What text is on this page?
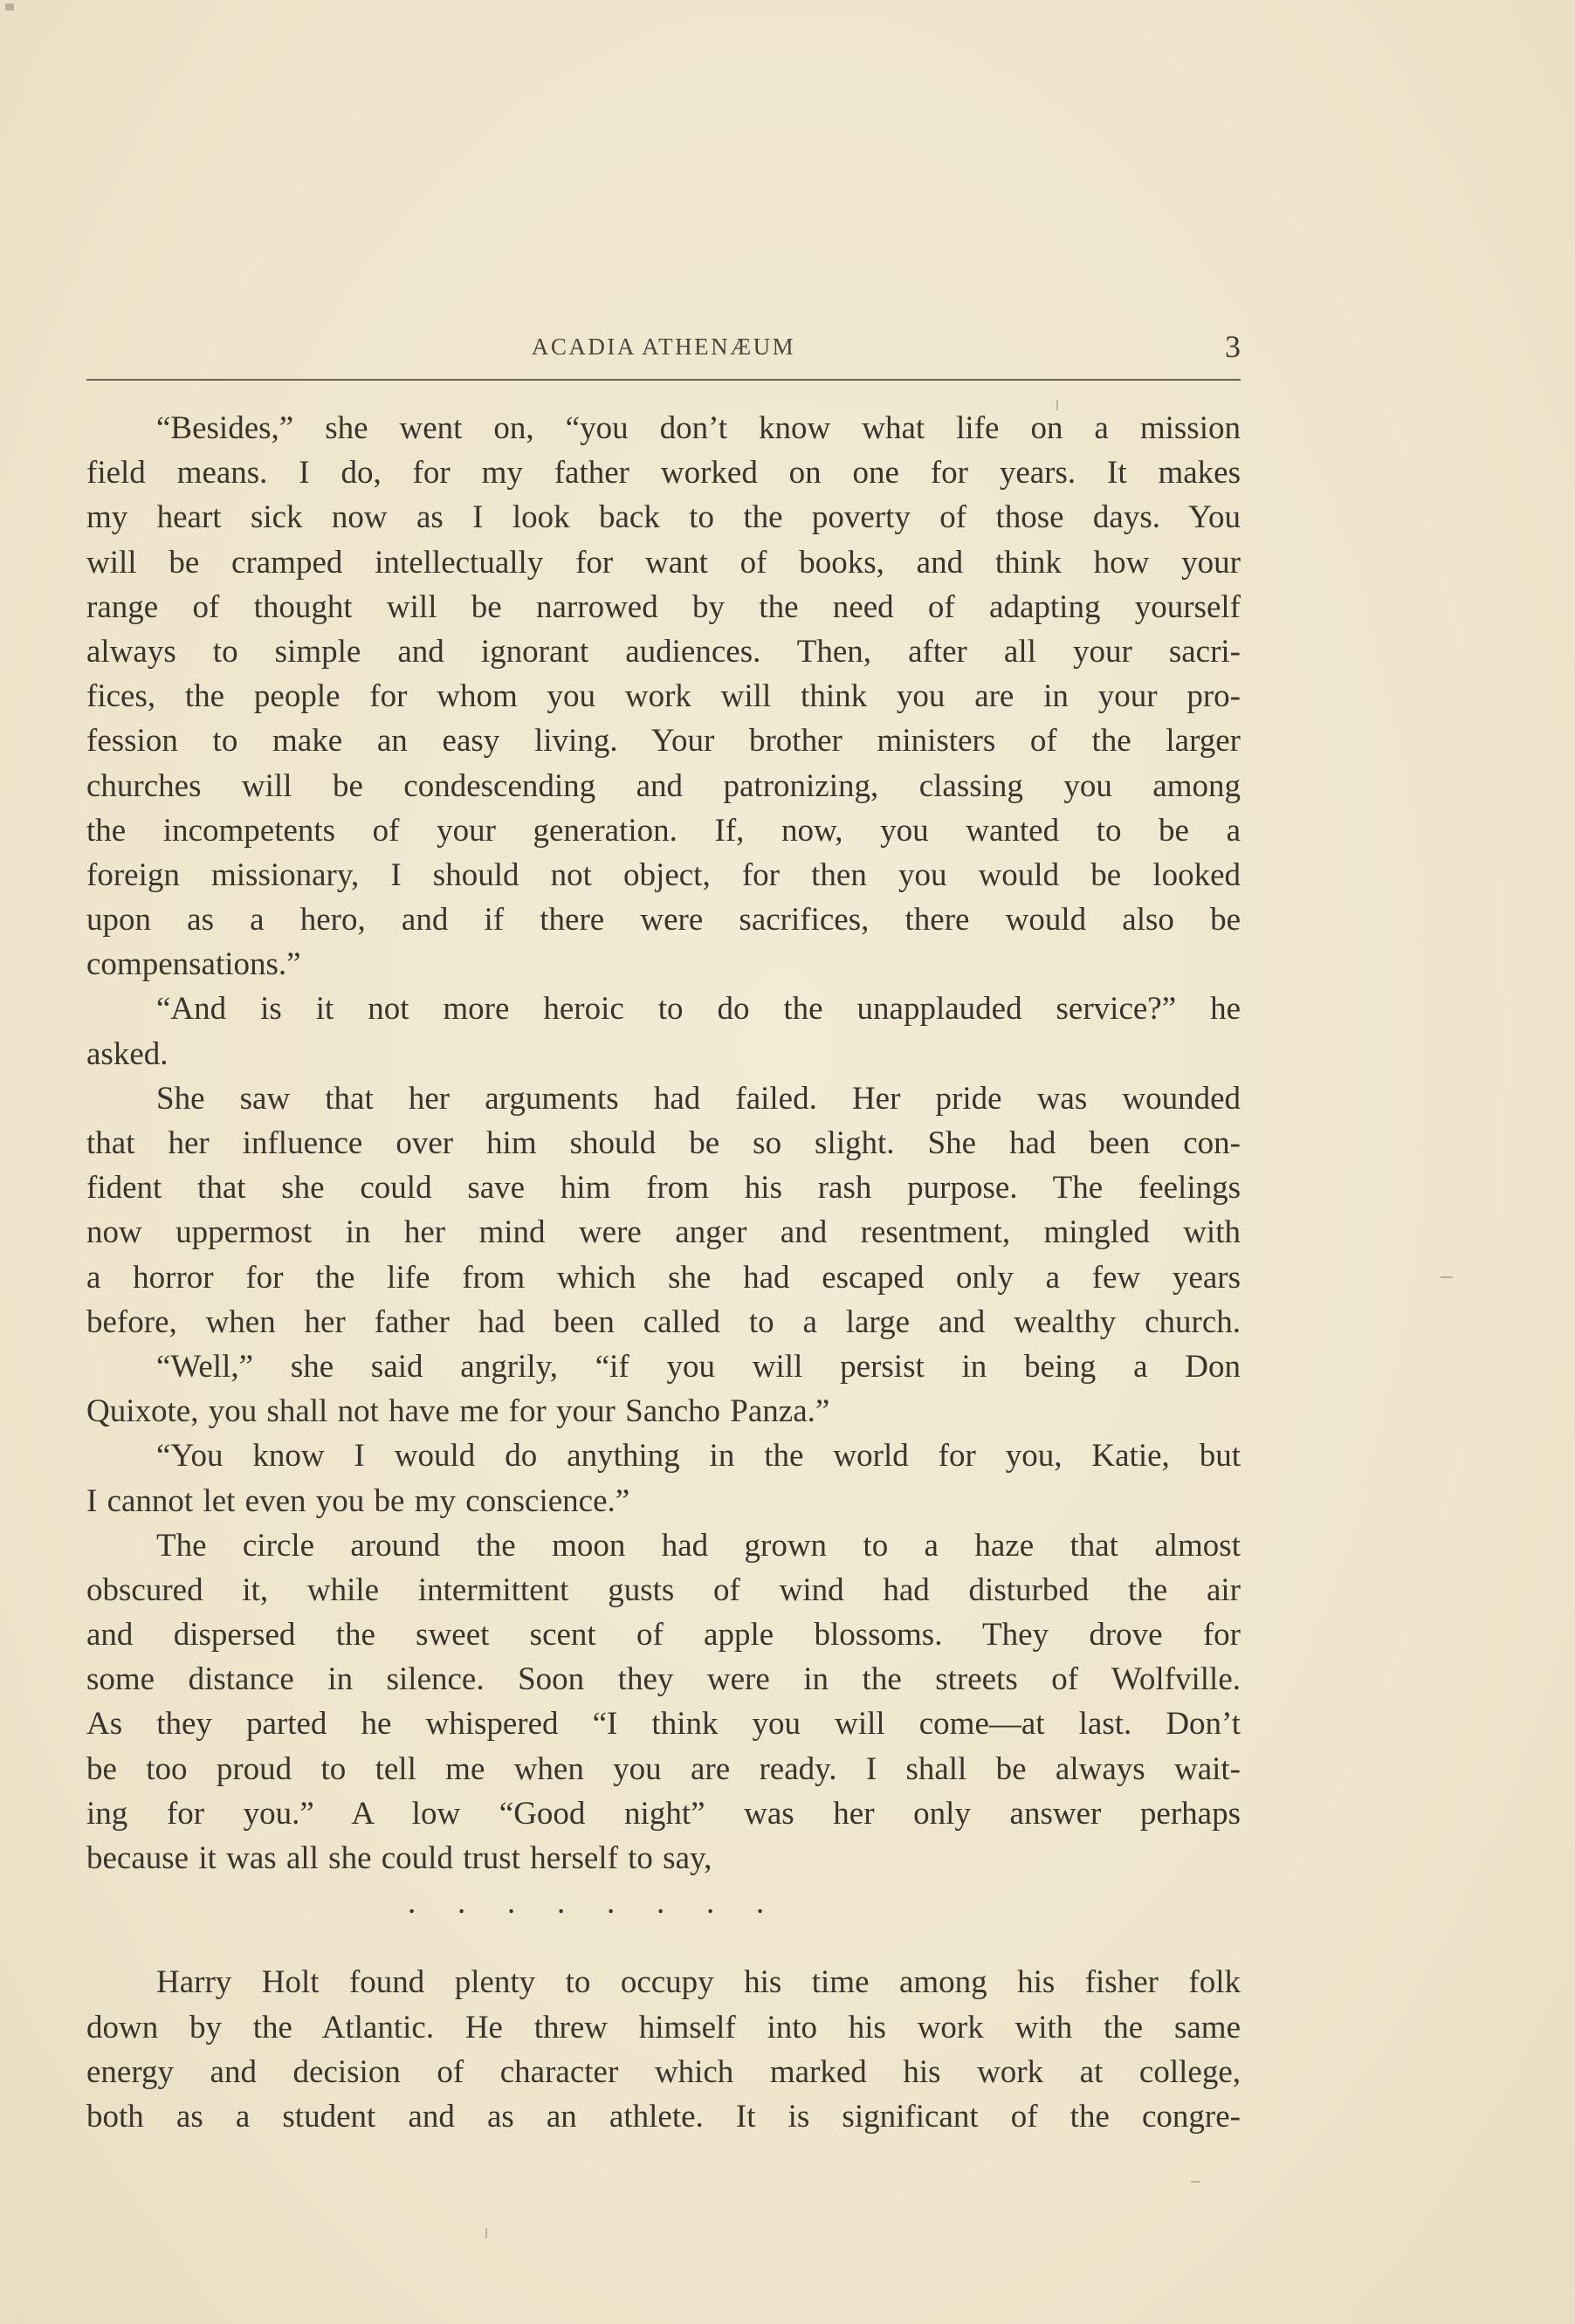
ACADIA ATHENÆUM	3
“Besides,” she went on, “you don’t know what life on a mission
field means. I do, for my father worked on one for years. It makes
my heart sick now as I look back to the poverty of those days. You
will be cramped intellectually for want of books, and think how your
range of thought will be narrowed by the need of adapting yourself
always to simple and ignorant audiences. Then, after all your sacri-
fices, the people for whom you work will think you are in your pro-
fession to make an easy living. Your brother ministers of the larger
churches will be condescending and patronizing, classing you among
the incompetents of your generation. If, now, you wanted to be a
foreign missionary, I should not object, for then you would be looked
upon as a hero, and if there were sacrifices, there would also be
compensations.”
“And is it not more heroic to do the unapplauded service?” he
asked.
She saw that her arguments had failed. Her pride was wounded
that her influence over him should be so slight. She had been con-
fident that she could save him from his rash purpose. The feelings
now uppermost in her mind were anger and resentment, mingled with
a horror for the life from which she had escaped only a few years
before, when her father had been called to a large and wealthy church.
“Well,” she said angrily, “if you will persist in being a Don
Quixote, you shall not have me for your Sancho Panza.”
“You know I would do anything in the world for you, Katie, but
I cannot let even you be my conscience.”
The circle around the moon had grown to a haze that almost
obscured it, while intermittent gusts of wind had disturbed the air
and dispersed the sweet scent of apple blossoms. They drove for
some distance in silence. Soon they were in the streets of Wolfville.
As they parted he whispered “I think you will come—at last. Don’t
be too proud to tell me when you are ready. I shall be always wait-
ing for you.” A low “Good night” was her only answer perhaps
because it was all she could trust herself to say,
. . . . . . . .
Harry Holt found plenty to occupy his time among his fisher folk
down by the Atlantic. He threw himself into his work with the same
energy and decision of character which marked his work at college,
both as a student and as an athlete. It is significant of the congre-
